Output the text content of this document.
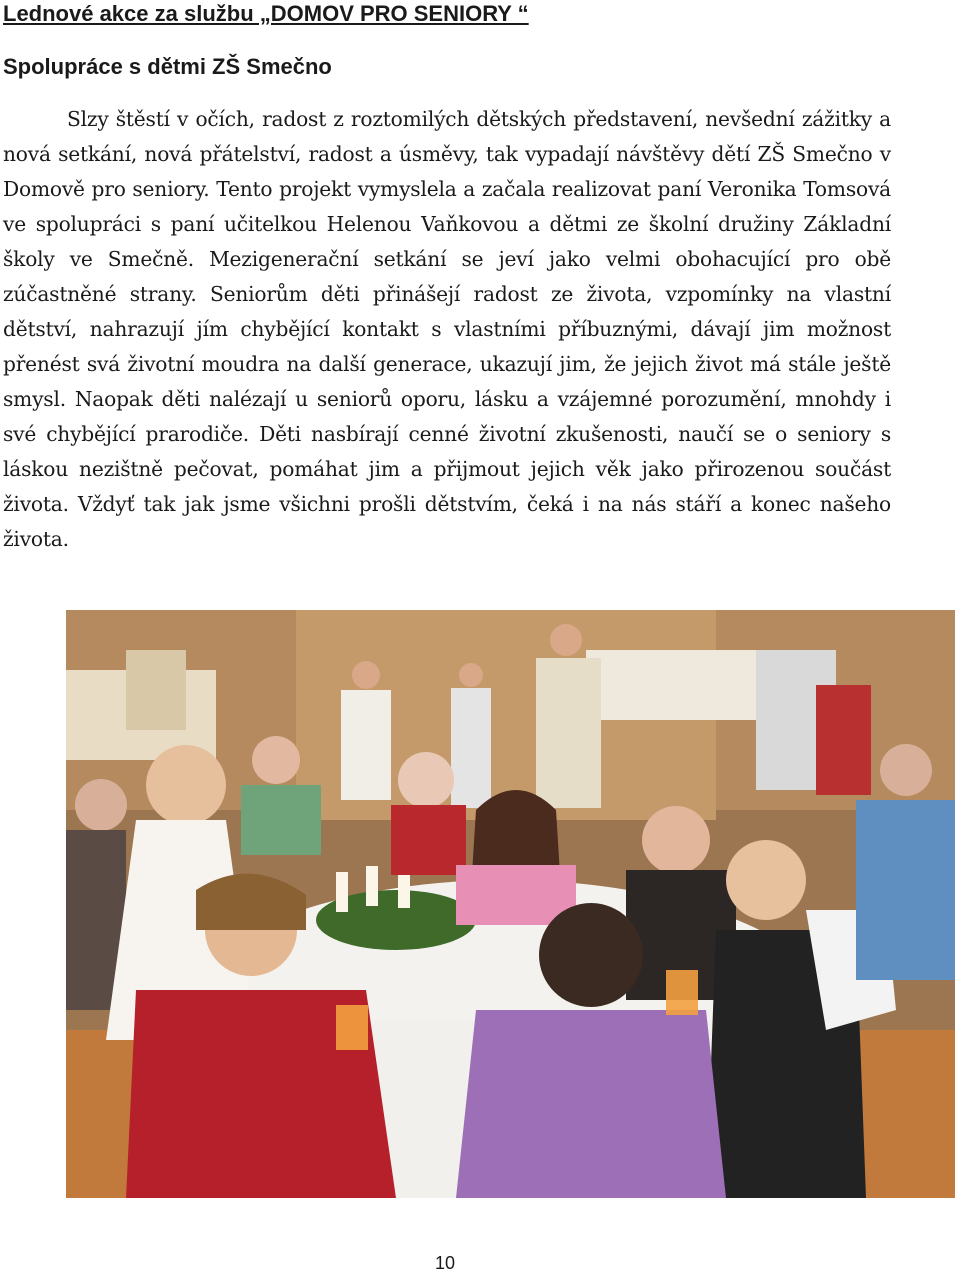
Lednové akce za službu „DOMOV PRO SENIORY “
Spolupráce s dětmi ZŠ Smečno

Slzy štěstí v očích, radost z roztomilých dětských představení, nevšední zážitky a nová setkání, nová přátelství, radost a úsměvy, tak vypadají návštěvy dětí ZŠ Smečno v Domově pro seniory. Tento projekt vymyslela a začala realizovat paní Veronika Tomsová ve spolupráci s paní učitelkou Helenou Vaňkovou a dětmi ze školní družiny Základní školy ve Smečně. Mezigenerační setkání se jeví jako velmi obohacující pro obě zúčastněné strany. Seniorům děti přinášejí radost ze života, vzpomínky na vlastní dětství, nahrazují jím chybějící kontakt s vlastními příbuznými, dávají jim možnost přenést svá životní moudra na další generace, ukazují jim, že jejich život má stále ještě smysl. Naopak děti nalézají u seniorů oporu, lásku a vzájemné porozumění, mnohdy i své chybějící prarodiče. Děti nasbírají cenné životní zkušenosti, naučí se o seniory s láskou nezištně pečovat, pomáhat jim a přijmout jejich věk jako přirozenou součást života. Vždyť tak jak jsme všichni prošli dětstvím, čeká i na nás stáří a konec našeho života.

10
